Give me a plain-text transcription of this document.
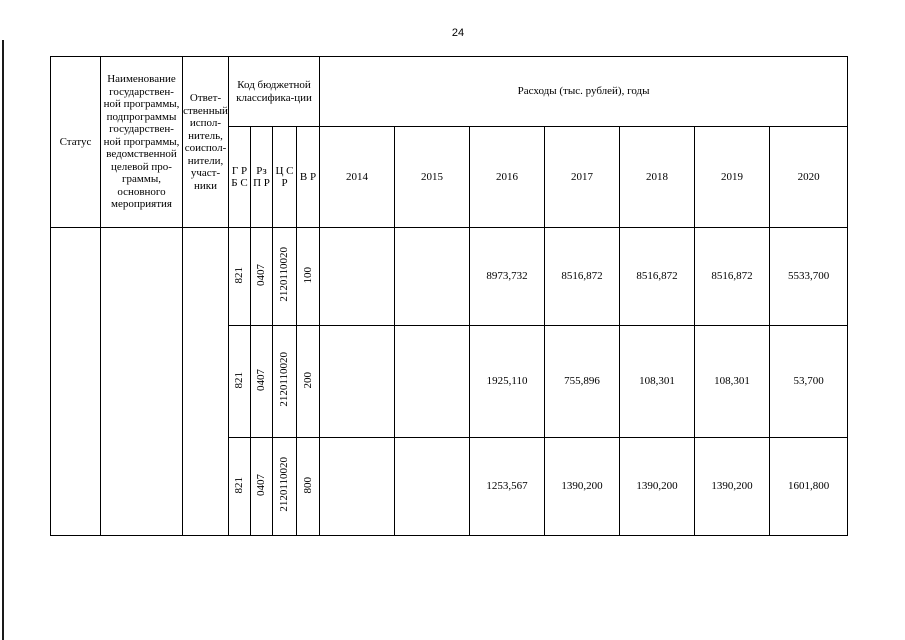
24
Статус	Наименование государствен-ной программы, подпрограммы государствен-ной программы, ведомственной целевой про-граммы, основного мероприятия	Ответ-ственный испол-нитель, соиспол-нители, участ-ники	Код бюджетной классифика-ции				Расходы (тыс. рублей), годы						
			Г Р Б С	Рз П Р	Ц С Р	В Р	2014	2015	2016	2017	2018	2019	2020
			821	0407	2120110020	100			8973,732	8516,872	8516,872	8516,872	5533,700
			821	0407	2120110020	200			1925,110	755,896	108,301	108,301	53,700
			821	0407	2120110020	800			1253,567	1390,200	1390,200	1390,200	1601,800
